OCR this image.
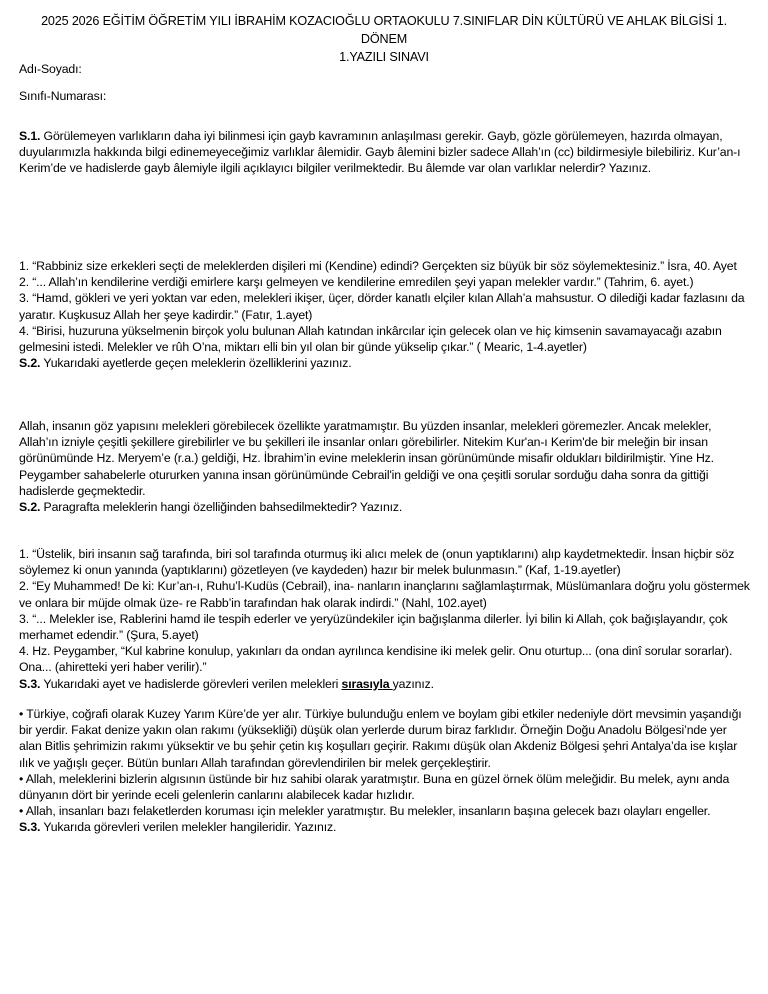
2025 2026 EĞİTİM ÖĞRETİM YILI İBRAHİM KOZACIOĞLU ORTAOKULU 7.SINIFLAR DİN KÜLTÜRÜ VE AHLAK BİLGİSİ 1. DÖNEM
1.YAZILI SINAVI
Adı-Soyadı:
Sınıfı-Numarası:

S.1. Görülemeyen varlıkların daha iyi bilinmesi için gayb kavramının anlaşılması gerekir. Gayb, gözle görülemeyen, hazırda olmayan, duyularımızla hakkında bilgi edinemeyeceğimiz varlıklar âlemidir. Gayb âlemini bizler sadece Allah’ın (cc) bildirmesiyle bilebiliriz. Kur’an-ı Kerim’de ve hadislerde gayb âlemiyle ilgili açıklayıcı bilgiler verilmektedir. Bu âlemde var olan varlıklar nelerdir? Yazınız.

1. “Rabbiniz size erkekleri seçti de meleklerden dişileri mi (Kendine) edindi? Gerçekten siz büyük bir söz söylemektesiniz.” İsra, 40. Ayet

2. “... Allah’ın kendilerine verdiği emirlere karşı gelmeyen ve kendilerine emredilen şeyi yapan melekler vardır.” (Tahrim, 6. ayet.)

3. “Hamd, gökleri ve yeri yoktan var eden, melekleri ikişer, üçer, dörder kanatlı elçiler kılan Allah’a mahsustur. O dilediği kadar fazlasını da yaratır. Kuşkusuz Allah her şeye kadirdir.” (Fatır, 1.ayet)

4. “Birisi, huzuruna yükselmenin birçok yolu bulunan Allah katından inkârcılar için gelecek olan ve hiç kimsenin savamayacağı azabın gelmesini istedi. Melekler ve rûh O’na, miktarı elli bin yıl olan bir günde yükselip çıkar.” ( Mearic, 1-4.ayetler)

S.2. Yukarıdaki ayetlerde geçen meleklerin özelliklerini yazınız.

Allah, insanın göz yapısını melekleri görebilecek özellikte yaratmamıştır. Bu yüzden insanlar, melekleri göremezler. Ancak melekler, Allah’ın izniyle çeşitli şekillere girebilirler ve bu şekilleri ile insanlar onları görebilirler. Nitekim Kur'an-ı Kerim'de bir meleğin bir insan görünümünde Hz. Meryem’e (r.a.) geldiği, Hz. İbrahim’in evine meleklerin insan görünümünde misafir oldukları bildirilmiştir. Yine Hz. Peygamber sahabelerle otururken yanına insan görünümünde Cebrail'in geldiği ve ona çeşitli sorular sorduğu daha sonra da gittiği hadislerde geçmektedir.

S.2. Paragrafta meleklerin hangi özelliğinden bahsedilmektedir? Yazınız.

1. “Üstelik, biri insanın sağ tarafında, biri sol tarafında oturmuş iki alıcı melek de (onun yaptıklarını) alıp kaydetmektedir. İnsan hiçbir söz söylemez ki onun yanında (yaptıklarını) gözetleyen (ve kaydeden) hazır bir melek bulunmasın.” (Kaf, 1-19.ayetler)

2. “Ey Muhammed! De ki: Kur’an-ı, Ruhu’l-Kudüs (Cebrail), ina- nanların inançlarını sağlamlaştırmak, Müslümanlara doğru yolu göstermek ve onlara bir müjde olmak üze- re Rabb’in tarafından hak olarak indirdi.” (Nahl, 102.ayet)

3. “... Melekler ise, Rablerini hamd ile tespih ederler ve yeryüzündekiler için bağışlanma dilerler. İyi bilin ki Allah, çok bağışlayandır, çok merhamet edendir.” (Şura, 5.ayet)

4. Hz. Peygamber, “Kul kabrine konulup, yakınları da ondan ayrılınca kendisine iki melek gelir. Onu oturtup... (ona dinî sorular sorarlar). Ona... (ahiretteki yeri haber verilir).”

S.3. Yukarıdaki ayet ve hadislerde görevleri verilen melekleri sırasıyla yazınız.

• Türkiye, coğrafi olarak Kuzey Yarım Küre’de yer alır. Türkiye bulunduğu enlem ve boylam gibi etkiler nedeniyle dört mevsimin yaşandığı bir yerdir. Fakat denize yakın olan rakımı (yüksekliği) düşük olan yerlerde durum biraz farklıdır. Örneğin Doğu Anadolu Bölgesi’nde yer alan Bitlis şehrimizin rakımı yüksektir ve bu şehir çetin kış koşulları geçirir. Rakımı düşük olan Akdeniz Bölgesi şehri Antalya’da ise kışlar ılık ve yağışlı geçer. Bütün bunları Allah tarafından görevlendirilen bir melek gerçekleştirir.

• Allah, meleklerini bizlerin algısının üstünde bir hız sahibi olarak yaratmıştır. Buna en güzel örnek ölüm meleğidir. Bu melek, aynı anda dünyanın dört bir yerinde eceli gelenlerin canlarını alabilecek kadar hızlıdır.

• Allah, insanları bazı felaketlerden koruması için melekler yaratmıştır. Bu melekler, insanların başına gelecek bazı olayları engeller.

S.3. Yukarıda görevleri verilen melekler hangileridir. Yazınız.
